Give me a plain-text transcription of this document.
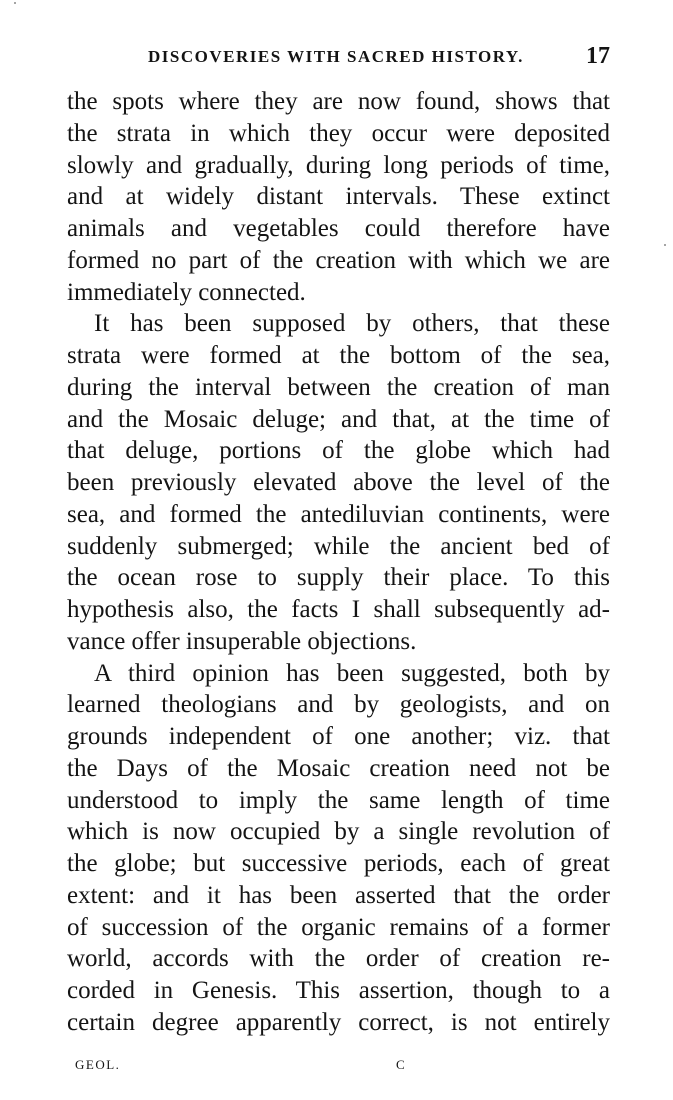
DISCOVERIES WITH SACRED HISTORY.	17
the spots where they are now found, shows that
the strata in which they occur were deposited
slowly and gradually, during long periods of time,
and at widely distant intervals. These extinct
animals and vegetables could therefore have
formed no part of the creation with which we are
immediately connected.
It has been supposed by others, that these
strata were formed at the bottom of the sea,
during the interval between the creation of man
and the Mosaic deluge; and that, at the time of
that deluge, portions of the globe which had
been previously elevated above the level of the
sea, and formed the antediluvian continents, were
suddenly submerged; while the ancient bed of
the ocean rose to supply their place. To this
hypothesis also, the facts I shall subsequently ad-
vance offer insuperable objections.
A third opinion has been suggested, both by
learned theologians and by geologists, and on
grounds independent of one another; viz. that
the Days of the Mosaic creation need not be
understood to imply the same length of time
which is now occupied by a single revolution of
the globe; but successive periods, each of great
extent: and it has been asserted that the order
of succession of the organic remains of a former
world, accords with the order of creation re-
corded in Genesis. This assertion, though to a
certain degree apparently correct, is not entirely
GEOL.	C
